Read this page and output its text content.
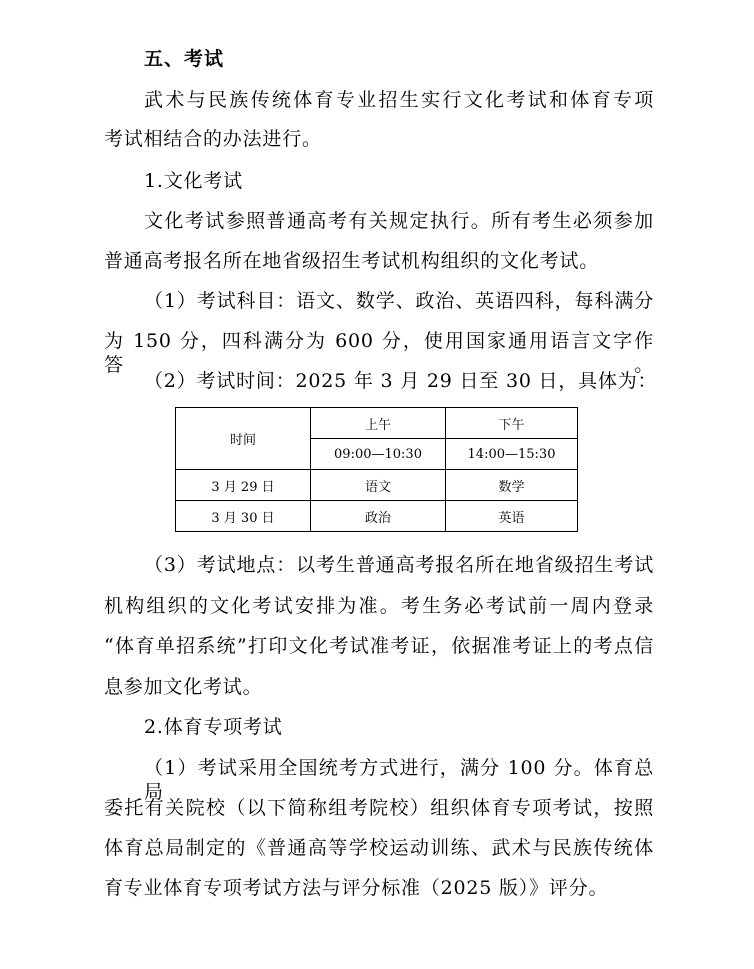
五、考试
武术与民族传统体育专业招生实行文化考试和体育专项
考试相结合的办法进行。
1.文化考试
文化考试参照普通高考有关规定执行。所有考生必须参加
普通高考报名所在地省级招生考试机构组织的文化考试。
（1）考试科目：语文、数学、政治、英语四科，每科满分
为 150 分，四科满分为 600 分，使用国家通用语言文字作答。
（2）考试时间：2025 年 3 月 29 日至 30 日，具体为：
时间	上午	下午
	09:00—10:30	14:00—15:30
3 月 29 日	语文	数学
3 月 30 日	政治	英语
（3）考试地点：以考生普通高考报名所在地省级招生考试
机构组织的文化考试安排为准。考生务必考试前一周内登录
“体育单招系统”打印文化考试准考证，依据准考证上的考点信
息参加文化考试。
2.体育专项考试
（1）考试采用全国统考方式进行，满分 100 分。体育总局
委托有关院校（以下简称组考院校）组织体育专项考试，按照
体育总局制定的《普通高等学校运动训练、武术与民族传统体
育专业体育专项考试方法与评分标准（2025 版）》评分。
